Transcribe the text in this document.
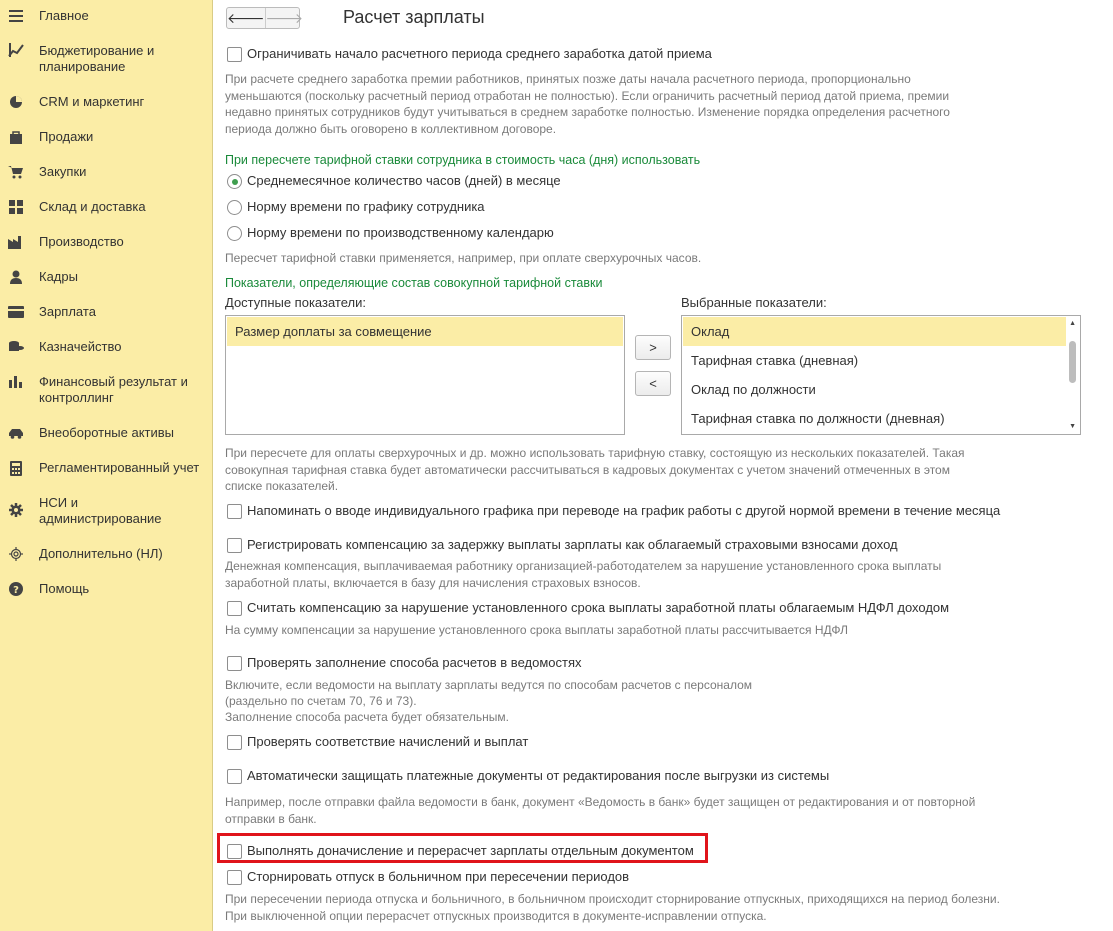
Главное
Бюджетирование и планирование
CRM и маркетинг
Продажи
Закупки
Склад и доставка
Производство
Кадры
Зарплата
Казначейство
Финансовый результат и контроллинг
Внеоборотные активы
Регламентированный учет
НСИ и администрирование
Дополнительно (НЛ)
? Помощь
🡐 🡒 Расчет зарплаты
Ограничивать начало расчетного периода среднего заработка датой приема
При расчете среднего заработка премии работников, принятых позже даты начала расчетного периода, пропорционально уменьшаются (поскольку расчетный период отработан не полностью). Если ограничить расчетный период датой приема, премии недавно принятых сотрудников будут учитываться в среднем заработке полностью. Изменение порядка определения расчетного периода должно быть оговорено в коллективном договоре.
При пересчете тарифной ставки сотрудника в стоимость часа (дня) использовать
Среднемесячное количество часов (дней) в месяце
Норму времени по графику сотрудника
Норму времени по производственному календарю
Пересчет тарифной ставки применяется, например, при оплате сверхурочных часов.
Показатели, определяющие состав совокупной тарифной ставки
Доступные показатели:	Выбранные показатели:
Размер доплаты за совмещение
>
<
Оклад
Тарифная ставка (дневная)
Оклад по должности
Тарифная ставка по должности (дневная)
▲
▼
При пересчете для оплаты сверхурочных и др. можно использовать тарифную ставку, состоящую из нескольких показателей. Такая совокупная тарифная ставка будет автоматически рассчитываться в кадровых документах с учетом значений отмеченных в этом списке показателей.
Напоминать о вводе индивидуального графика при переводе на график работы с другой нормой времени в течение месяца
Регистрировать компенсацию за задержку выплаты зарплаты как облагаемый страховыми взносами доход
Денежная компенсация, выплачиваемая работнику организацией-работодателем за нарушение установленного срока выплаты заработной платы, включается в базу для начисления страховых взносов.
Считать компенсацию за нарушение установленного срока выплаты заработной платы облагаемым НДФЛ доходом
На сумму компенсации за нарушение установленного срока выплаты заработной платы рассчитывается НДФЛ
Проверять заполнение способа расчетов в ведомостях
Включите, если ведомости на выплату зарплаты ведутся по способам расчетов с персоналом
(раздельно по счетам 70, 76 и 73).
Заполнение способа расчета будет обязательным.
Проверять соответствие начислений и выплат
Автоматически защищать платежные документы от редактирования после выгрузки из системы
Например, после отправки файла ведомости в банк, документ «Ведомость в банк» будет защищен от редактирования и от повторной отправки в банк.
Выполнять доначисление и перерасчет зарплаты отдельным документом
Сторнировать отпуск в больничном при пересечении периодов
При пересечении периода отпуска и больничного, в больничном происходит сторнирование отпускных, приходящихся на период болезни. При выключенной опции перерасчет отпускных производится в документе-исправлении отпуска.
